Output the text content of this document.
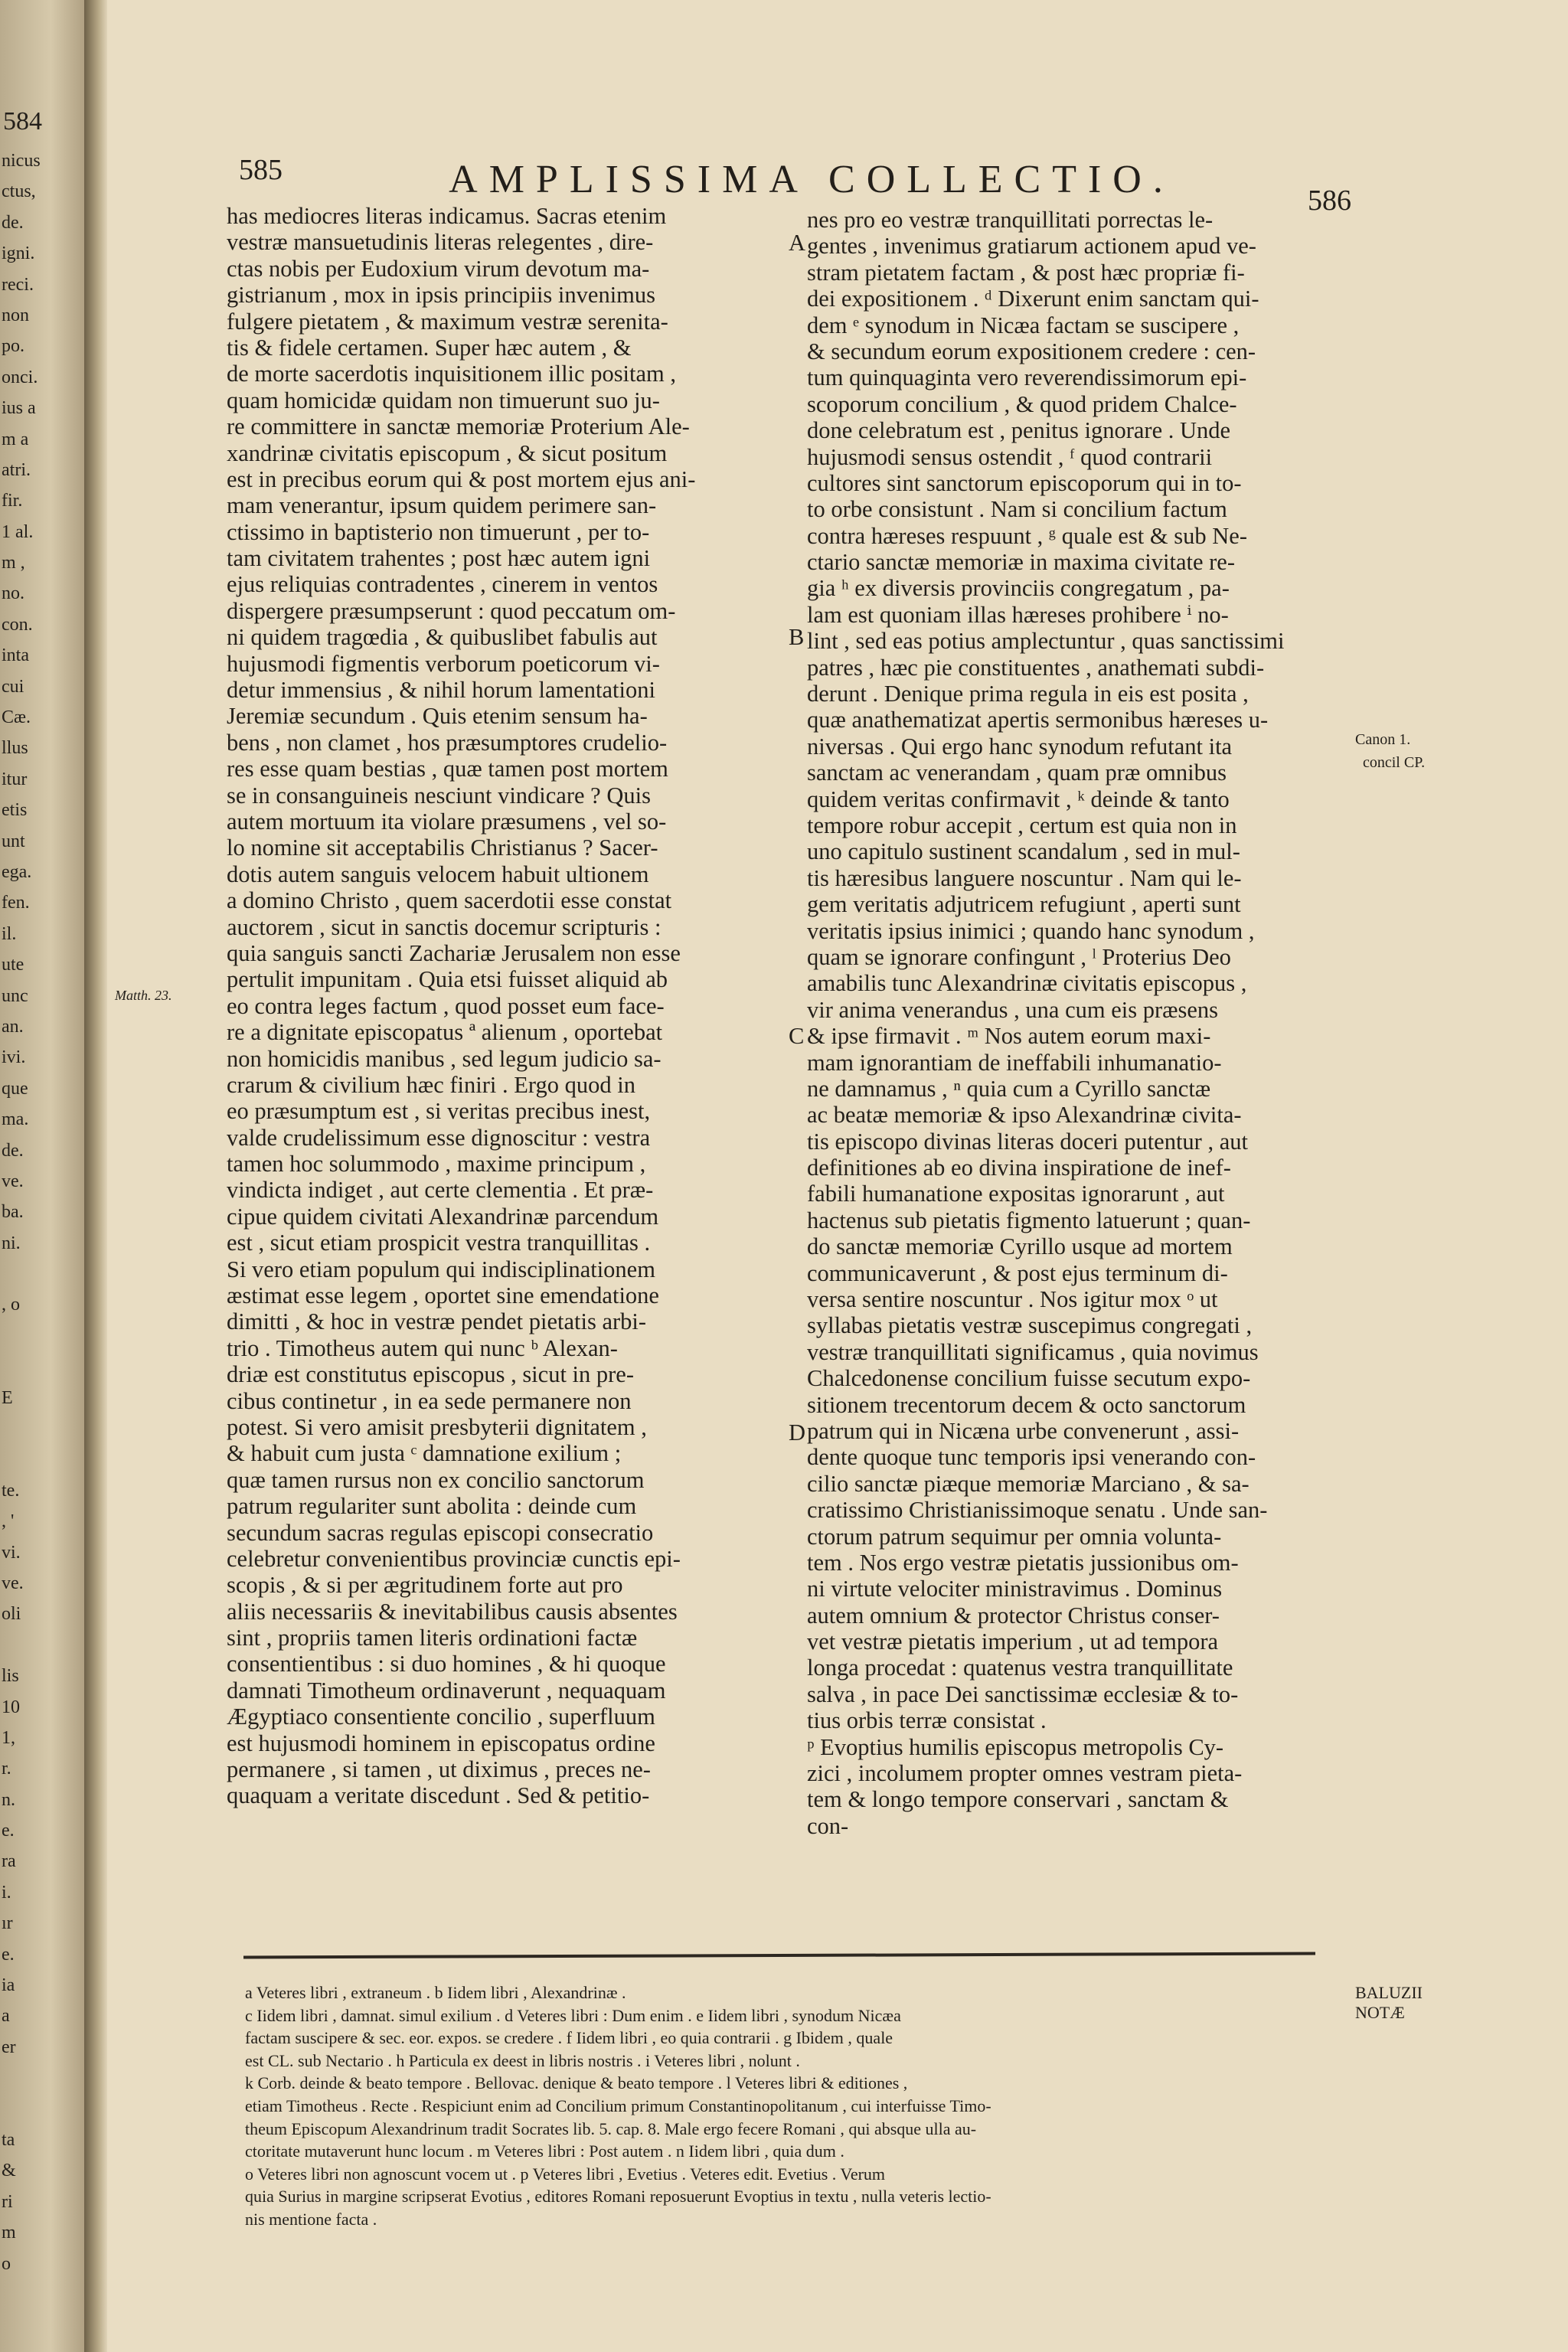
584
nicus
ctus,
de.
igni.
reci.
non
po.
onci.
ius a
m a
atri.
fir.
1 al.
m ,
no.
con.
inta
cui
Cæ.
llus
itur
etis
unt
ega.
fen.
il.
ute
unc
an.
ivi.
que
ma.
de.
ve.
ba.
ni.
, o
E
te.
, '
vi.
ve.
oli
lis
10
1,
r.
n.
e.
ra
i.
ır
e.
ia
a
er
ta
&
ri
m
o
585	AMPLISSIMA COLLECTIO.	586
has mediocres literas indicamus. Sacras etenim
vestræ mansuetudinis literas relegentes , dire-
ctas nobis per Eudoxium virum devotum ma-
gistrianum , mox in ipsis principiis invenimus
fulgere pietatem , & maximum vestræ serenita-
tis & fidele certamen. Super hæc autem , &
de morte sacerdotis inquisitionem illic positam ,
quam homicidæ quidam non timuerunt suo ju-
re committere in sanctæ memoriæ Proterium Ale-
xandrinæ civitatis episcopum , & sicut positum
est in precibus eorum qui & post mortem ejus ani-
mam venerantur, ipsum quidem perimere san-
ctissimo in baptisterio non timuerunt , per to-
tam civitatem trahentes ; post hæc autem igni
ejus reliquias contradentes , cinerem in ventos
dispergere præsumpserunt : quod peccatum om-
ni quidem tragœdia , & quibuslibet fabulis aut
hujusmodi figmentis verborum poeticorum vi-
detur immensius , & nihil horum lamentationi
Jeremiæ secundum . Quis etenim sensum ha-
bens , non clamet , hos præsumptores crudelio-
res esse quam bestias , quæ tamen post mortem
se in consanguineis nesciunt vindicare ? Quis
autem mortuum ita violare præsumens , vel so-
lo nomine sit acceptabilis Christianus ? Sacer-
dotis autem sanguis velocem habuit ultionem
a domino Christo , quem sacerdotii esse constat
auctorem , sicut in sanctis docemur scripturis :
quia sanguis sancti Zachariæ Jerusalem non esse
pertulit impunitam . Quia etsi fuisset aliquid ab
eo contra leges factum , quod posset eum face-
re a dignitate episcopatus ª alienum , oportebat
non homicidis manibus , sed legum judicio sa-
crarum & civilium hæc finiri . Ergo quod in
eo præsumptum est , si veritas precibus inest,
valde crudelissimum esse dignoscitur : vestra
tamen hoc solummodo , maxime principum ,
vindicta indiget , aut certe clementia . Et præ-
cipue quidem civitati Alexandrinæ parcendum
est , sicut etiam prospicit vestra tranquillitas .
Si vero etiam populum qui indisciplinationem
æstimat esse legem , oportet sine emendatione
dimitti , & hoc in vestræ pendet pietatis arbi-
trio . Timotheus autem qui nunc ᵇ Alexan-
driæ est constitutus episcopus , sicut in pre-
cibus continetur , in ea sede permanere non
potest. Si vero amisit presbyterii dignitatem ,
& habuit cum justa ᶜ damnatione exilium ;
quæ tamen rursus non ex concilio sanctorum
patrum regulariter sunt abolita : deinde cum
secundum sacras regulas episcopi consecratio
celebretur convenientibus provinciæ cunctis epi-
scopis , & si per ægritudinem forte aut pro
aliis necessariis & inevitabilibus causis absentes
sint , propriis tamen literis ordinationi factæ
consentientibus : si duo homines , & hi quoque
damnati Timotheum ordinaverunt , nequaquam
Ægyptiaco consentiente concilio , superfluum
est hujusmodi hominem in episcopatus ordine
permanere , si tamen , ut diximus , preces ne-
quaquam a veritate discedunt . Sed & petitio-
nes pro eo vestræ tranquillitati porrectas le-
gentes , invenimus gratiarum actionem apud ve-
stram pietatem factam , & post hæc propriæ fi-
dei expositionem . ᵈ Dixerunt enim sanctam qui-
dem ᵉ synodum in Nicæa factam se suscipere ,
& secundum eorum expositionem credere : cen-
tum quinquaginta vero reverendissimorum epi-
scoporum concilium , & quod pridem Chalce-
done celebratum est , penitus ignorare . Unde
hujusmodi sensus ostendit , ᶠ quod contrarii
cultores sint sanctorum episcoporum qui in to-
to orbe consistunt . Nam si concilium factum
contra hæreses respuunt , ᵍ quale est & sub Ne-
ctario sanctæ memoriæ in maxima civitate re-
gia ʰ ex diversis provinciis congregatum , pa-
lam est quoniam illas hæreses prohibere ⁱ no-
lint , sed eas potius amplectuntur , quas sanctissimi
patres , hæc pie constituentes , anathemati subdi-
derunt . Denique prima regula in eis est posita ,
quæ anathematizat apertis sermonibus hæreses u-
niversas . Qui ergo hanc synodum refutant ita
sanctam ac venerandam , quam præ omnibus
quidem veritas confirmavit , ᵏ deinde & tanto
tempore robur accepit , certum est quia non in
uno capitulo sustinent scandalum , sed in mul-
tis hæresibus languere noscuntur . Nam qui le-
gem veritatis adjutricem refugiunt , aperti sunt
veritatis ipsius inimici ; quando hanc synodum ,
quam se ignorare confingunt , ˡ Proterius Deo
amabilis tunc Alexandrinæ civitatis episcopus ,
vir anima venerandus , una cum eis præsens
& ipse firmavit . ᵐ Nos autem eorum maxi-
mam ignorantiam de ineffabili inhumanatio-
ne damnamus , ⁿ quia cum a Cyrillo sanctæ
ac beatæ memoriæ & ipso Alexandrinæ civita-
tis episcopo divinas literas doceri putentur , aut
definitiones ab eo divina inspiratione de inef-
fabili humanatione expositas ignorarunt , aut
hactenus sub pietatis figmento latuerunt ; quan-
do sanctæ memoriæ Cyrillo usque ad mortem
communicaverunt , & post ejus terminum di-
versa sentire noscuntur . Nos igitur mox ᵒ ut
syllabas pietatis vestræ suscepimus congregati ,
vestræ tranquillitati significamus , quia novimus
Chalcedonense concilium fuisse secutum expo-
sitionem trecentorum decem & octo sanctorum
patrum qui in Nicæna urbe convenerunt , assi-
dente quoque tunc temporis ipsi venerando con-
cilio sanctæ piæque memoriæ Marciano , & sa-
cratissimo Christianissimoque senatu . Unde san-
ctorum patrum sequimur per omnia volunta-
tem . Nos ergo vestræ pietatis jussionibus om-
ni virtute velociter ministravimus . Dominus
autem omnium & protector Christus conser-
vet vestræ pietatis imperium , ut ad tempora
longa procedat : quatenus vestra tranquillitate
salva , in pace Dei sanctissimæ ecclesiæ & to-
tius orbis terræ consistat .
ᵖ Evoptius humilis episcopus metropolis Cy-
zici , incolumem propter omnes vestram pieta-
tem & longo tempore conservari , sanctam &
con-
A
B
C
D
Matth. 23.
Canon 1.
concil CP.
a Veteres libri , extraneum . b Iidem libri , Alexandrinæ .
c Iidem libri , damnat. simul exilium . d Veteres libri : Dum enim . e Iidem libri , synodum Nicæa
factam suscipere & sec. eor. expos. se credere . f Iidem libri , eo quia contrarii . g Ibidem , quale
est CL. sub Nectario . h Particula ex deest in libris nostris . i Veteres libri , nolunt .
k Corb. deinde & beato tempore . Bellovac. denique & beato tempore . l Veteres libri & editiones ,
etiam Timotheus . Recte . Respiciunt enim ad Concilium primum Constantinopolitanum , cui interfuisse Timo-
theum Episcopum Alexandrinum tradit Socrates lib. 5. cap. 8. Male ergo fecere Romani , qui absque ulla au-
ctoritate mutaverunt hunc locum . m Veteres libri : Post autem . n Iidem libri , quia dum .
o Veteres libri non agnoscunt vocem ut . p Veteres libri , Evetius . Veteres edit. Evetius . Verum
quia Surius in margine scripserat Evotius , editores Romani reposuerunt Evoptius in textu , nulla veteris lectio-
nis mentione facta .
BALUZII
NOTÆ
